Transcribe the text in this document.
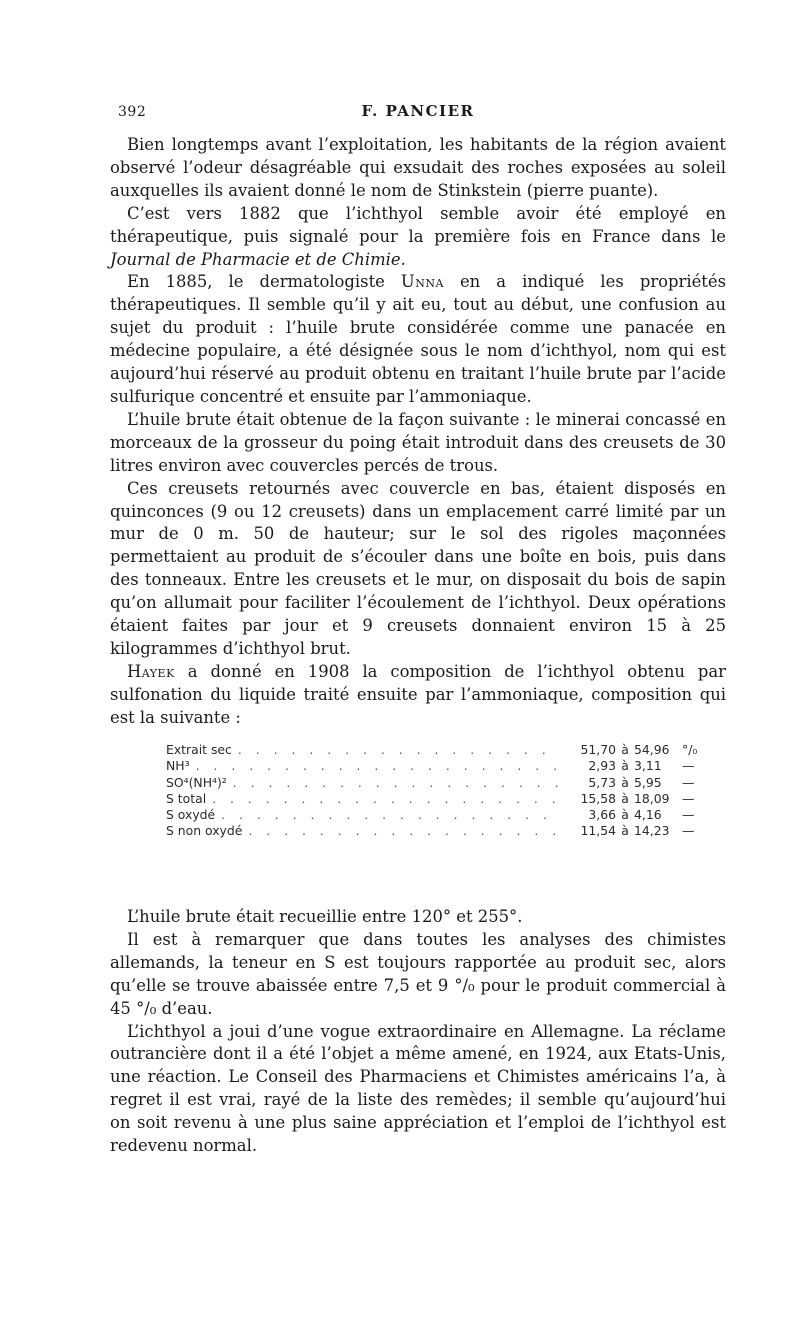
392	F. PANCIER

Bien longtemps avant l’exploitation, les habitants de la région avaient observé l’odeur désagréable qui exsudait des roches exposées au soleil auxquelles ils avaient donné le nom de Stinkstein (pierre puante).

C’est vers 1882 que l’ichthyol semble avoir été employé en thérapeutique, puis signalé pour la première fois en France dans le Journal de Pharmacie et de Chimie.

En 1885, le dermatologiste Unna en a indiqué les propriétés thérapeutiques. Il semble qu’il y ait eu, tout au début, une confusion au sujet du produit : l’huile brute considérée comme une panacée en médecine populaire, a été désignée sous le nom d’ichthyol, nom qui est aujourd’hui réservé au produit obtenu en traitant l’huile brute par l’acide sulfurique concentré et ensuite par l’ammoniaque.

L’huile brute était obtenue de la façon suivante : le minerai concassé en morceaux de la grosseur du poing était introduit dans des creusets de 30 litres environ avec couvercles percés de trous.

Ces creusets retournés avec couvercle en bas, étaient disposés en quinconces (9 ou 12 creusets) dans un emplacement carré limité par un mur de 0 m. 50 de hauteur; sur le sol des rigoles maçonnées permettaient au produit de s’écouler dans une boîte en bois, puis dans des tonneaux. Entre les creusets et le mur, on disposait du bois de sapin qu’on allumait pour faciliter l’écoulement de l’ichthyol. Deux opérations étaient faites par jour et 9 creusets donnaient environ 15 à 25 kilogrammes d’ichthyol brut.

Hayek a donné en 1908 la composition de l’ichthyol obtenu par sulfonation du liquide traité ensuite par l’ammoniaque, composition qui est la suivante :

Extrait sec . . .	51,70 à 54,96	°/₀
NH³ . . .	2,93 à 3,11	—
SO⁴(NH⁴)² . . .	5,73 à 5,95	—
S total . . .	15,58 à 18,09	—
S oxydé . . .	3,66 à 4,16	—
S non oxydé . . .	11,54 à 14,23	—

L’huile brute était recueillie entre 120° et 255°.

Il est à remarquer que dans toutes les analyses des chimistes allemands, la teneur en S est toujours rapportée au produit sec, alors qu’elle se trouve abaissée entre 7,5 et 9 °/₀ pour le produit commercial à 45 °/₀ d’eau.

L’ichthyol a joui d’une vogue extraordinaire en Allemagne. La réclame outrancière dont il a été l’objet a même amené, en 1924, aux Etats-Unis, une réaction. Le Conseil des Pharmaciens et Chimistes américains l’a, à regret il est vrai, rayé de la liste des remèdes; il semble qu’aujourd’hui on soit revenu à une plus saine appréciation et l’emploi de l’ichthyol est redevenu normal.
